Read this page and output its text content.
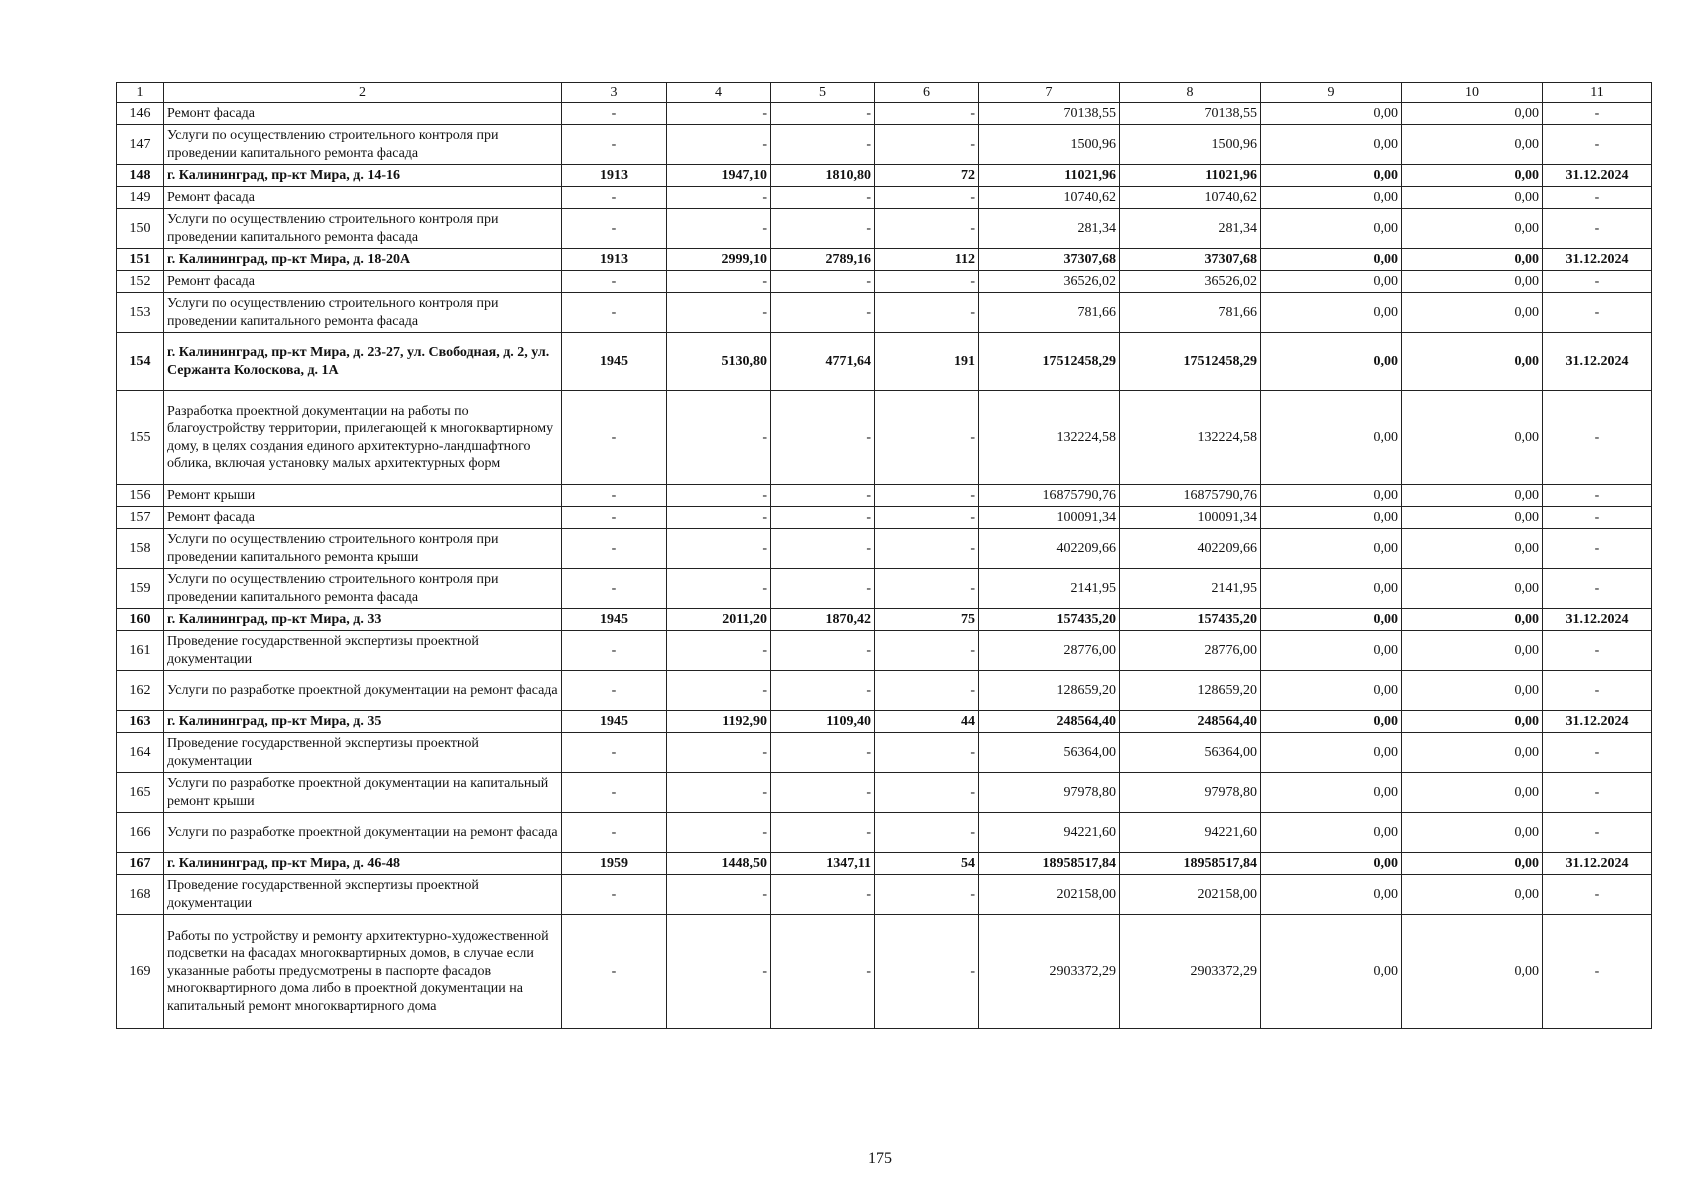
1	2	3	4	5	6	7	8	9	10	11
146	Ремонт фасада	-	-	-	-	70138,55	70138,55	0,00	0,00	-
147	Услуги по осуществлению строительного контроля при проведении капитального ремонта фасада	-	-	-	-	1500,96	1500,96	0,00	0,00	-
148	г. Калининград, пр-кт Мира, д. 14-16	1913	1947,10	1810,80	72	11021,96	11021,96	0,00	0,00	31.12.2024
149	Ремонт фасада	-	-	-	-	10740,62	10740,62	0,00	0,00	-
150	Услуги по осуществлению строительного контроля при проведении капитального ремонта фасада	-	-	-	-	281,34	281,34	0,00	0,00	-
151	г. Калининград, пр-кт Мира, д. 18-20А	1913	2999,10	2789,16	112	37307,68	37307,68	0,00	0,00	31.12.2024
152	Ремонт фасада	-	-	-	-	36526,02	36526,02	0,00	0,00	-
153	Услуги по осуществлению строительного контроля при проведении капитального ремонта фасада	-	-	-	-	781,66	781,66	0,00	0,00	-
154	г. Калининград, пр-кт Мира, д. 23-27, ул. Свободная, д. 2, ул. Сержанта Колоскова, д. 1А	1945	5130,80	4771,64	191	17512458,29	17512458,29	0,00	0,00	31.12.2024
155	Разработка проектной документации на работы по благоустройству территории, прилегающей к многоквартирному дому, в целях создания единого архитектурно-ландшафтного облика, включая установку малых архитектурных форм	-	-	-	-	132224,58	132224,58	0,00	0,00	-
156	Ремонт крыши	-	-	-	-	16875790,76	16875790,76	0,00	0,00	-
157	Ремонт фасада	-	-	-	-	100091,34	100091,34	0,00	0,00	-
158	Услуги по осуществлению строительного контроля при проведении капитального ремонта крыши	-	-	-	-	402209,66	402209,66	0,00	0,00	-
159	Услуги по осуществлению строительного контроля при проведении капитального ремонта фасада	-	-	-	-	2141,95	2141,95	0,00	0,00	-
160	г. Калининград, пр-кт Мира, д. 33	1945	2011,20	1870,42	75	157435,20	157435,20	0,00	0,00	31.12.2024
161	Проведение государственной экспертизы проектной документации	-	-	-	-	28776,00	28776,00	0,00	0,00	-
162	Услуги по разработке проектной документации на ремонт фасада	-	-	-	-	128659,20	128659,20	0,00	0,00	-
163	г. Калининград, пр-кт Мира, д. 35	1945	1192,90	1109,40	44	248564,40	248564,40	0,00	0,00	31.12.2024
164	Проведение государственной экспертизы проектной документации	-	-	-	-	56364,00	56364,00	0,00	0,00	-
165	Услуги по разработке проектной документации на капитальный ремонт крыши	-	-	-	-	97978,80	97978,80	0,00	0,00	-
166	Услуги по разработке проектной документации на ремонт фасада	-	-	-	-	94221,60	94221,60	0,00	0,00	-
167	г. Калининград, пр-кт Мира, д. 46-48	1959	1448,50	1347,11	54	18958517,84	18958517,84	0,00	0,00	31.12.2024
168	Проведение государственной экспертизы проектной документации	-	-	-	-	202158,00	202158,00	0,00	0,00	-
169	Работы по устройству и ремонту архитектурно-художественной подсветки на фасадах многоквартирных домов, в случае если указанные работы предусмотрены в паспорте фасадов многоквартирного дома либо в проектной документации на капитальный ремонт многоквартирного дома	-	-	-	-	2903372,29	2903372,29	0,00	0,00	-
175
